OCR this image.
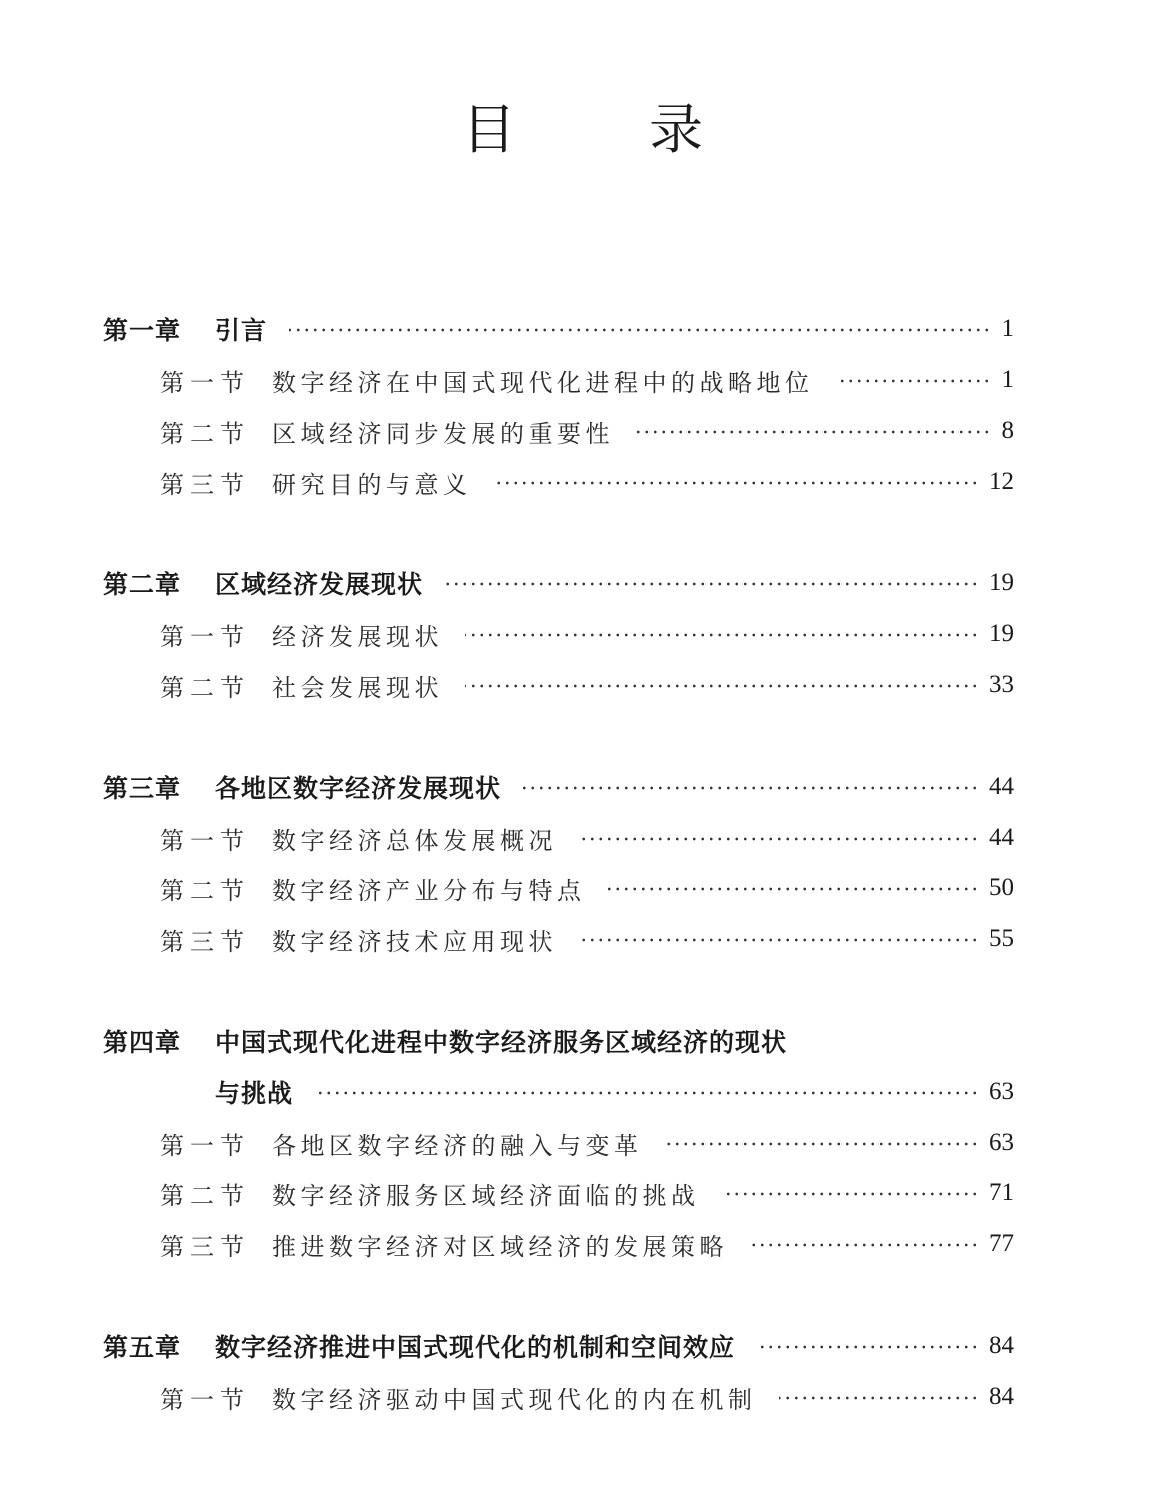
目 录
第一章 引言	1
第一节 数字经济在中国式现代化进程中的战略地位	1
第二节 区域经济同步发展的重要性	8
第三节 研究目的与意义	12
第二章 区域经济发展现状	19
第一节 经济发展现状	19
第二节 社会发展现状	33
第三章 各地区数字经济发展现状	44
第一节 数字经济总体发展概况	44
第二节 数字经济产业分布与特点	50
第三节 数字经济技术应用现状	55
第四章 中国式现代化进程中数字经济服务区域经济的现状
与挑战	63
第一节 各地区数字经济的融入与变革	63
第二节 数字经济服务区域经济面临的挑战	71
第三节 推进数字经济对区域经济的发展策略	77
第五章 数字经济推进中国式现代化的机制和空间效应	84
第一节 数字经济驱动中国式现代化的内在机制	84
